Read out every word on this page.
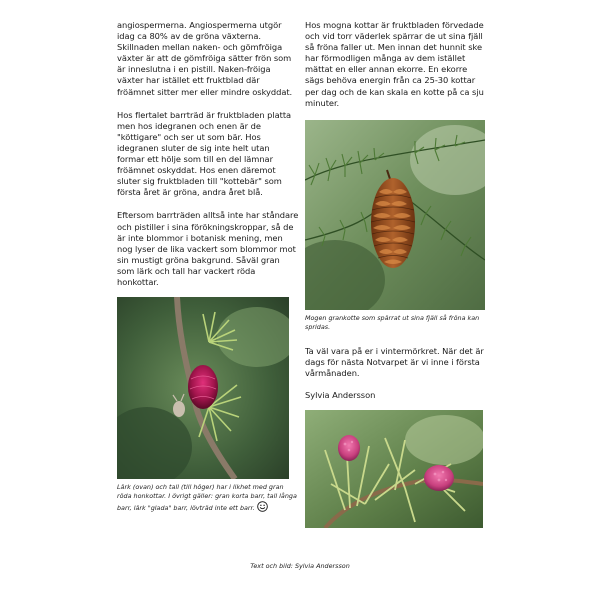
angiospermerna. Angiospermerna utgör idag ca 80% av de gröna växterna. Skillnaden mellan naken- och gömfröiga växter är att de gömfröiga sätter frön som är inneslutna i en pistill. Naken-fröiga växter har istället ett fruktblad där fröämnet sitter mer eller mindre oskyddat.

Hos flertalet barrträd är fruktbladen platta men hos idegranen och enen är de "köttigare" och ser ut som bär. Hos idegranen sluter de sig inte helt utan formar ett hölje som till en del lämnar fröämnet oskyddat. Hos enen däremot sluter sig fruktbladen till "kottebär" som första året är gröna, andra året blå.

Eftersom barrträden alltså inte har ståndare och pistiller i sina förökningskroppar, så de är inte blommor i botanisk mening, men nog lyser de lika vackert som blommor mot sin mustigt gröna bakgrund. Såväl gran som lärk och tall har vackert röda honkottar.

Lärk (ovan) och tall (till höger) har i likhet med gran röda honkottar. I övrigt gäller: gran korta barr, tall långa barr, lärk "glada" barr, lövträd inte ett barr.

Hos mogna kottar är fruktbladen förvedade och vid torr väderlek spärrar de ut sina fjäll så fröna faller ut. Men innan det hunnit ske har förmodligen många av dem istället mättat en eller annan ekorre. En ekorre sägs behöva energin från ca 25-30 kottar per dag och de kan skala en kotte på ca sju minuter.

Mogen grankotte som spärrat ut sina fjäll så fröna kan spridas.

Ta väl vara på er i vintermörkret. När det är dags för nästa Notvarpet är vi inne i första vårmånaden.

Sylvia Andersson

Text och bild: Sylvia Andersson
